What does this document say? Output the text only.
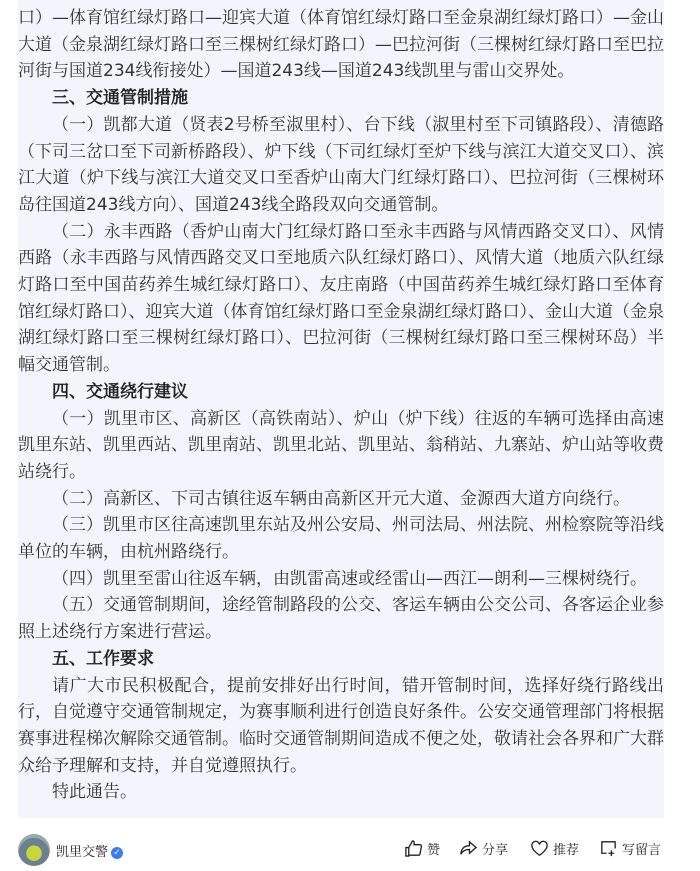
口）—体育馆红绿灯路口—迎宾大道（体育馆红绿灯路口至金泉湖红绿灯路口）—金山大道（金泉湖红绿灯路口至三棵树红绿灯路口）—巴拉河街（三棵树红绿灯路口至巴拉河街与国道234线衔接处）—国道243线—国道243线凯里与雷山交界处。

三、交通管制措施

（一）凯都大道（贤表2号桥至淑里村）、台下线（淑里村至下司镇路段）、清德路（下司三岔口至下司新桥路段）、炉下线（下司红绿灯至炉下线与滨江大道交叉口）、滨江大道（炉下线与滨江大道交叉口至香炉山南大门红绿灯路口）、巴拉河街（三棵树环岛往国道243线方向）、国道243线全路段双向交通管制。

（二）永丰西路（香炉山南大门红绿灯路口至永丰西路与风情西路交叉口）、风情西路（永丰西路与风情西路交叉口至地质六队红绿灯路口）、风情大道（地质六队红绿灯路口至中国苗药养生城红绿灯路口）、友庄南路（中国苗药养生城红绿灯路口至体育馆红绿灯路口）、迎宾大道（体育馆红绿灯路口至金泉湖红绿灯路口）、金山大道（金泉湖红绿灯路口至三棵树红绿灯路口）、巴拉河街（三棵树红绿灯路口至三棵树环岛）半幅交通管制。

四、交通绕行建议

（一）凯里市区、高新区（高铁南站）、炉山（炉下线）往返的车辆可选择由高速凯里东站、凯里西站、凯里南站、凯里北站、凯里站、翁稍站、九寨站、炉山站等收费站绕行。

（二）高新区、下司古镇往返车辆由高新区开元大道、金源西大道方向绕行。

（三）凯里市区往高速凯里东站及州公安局、州司法局、州法院、州检察院等沿线单位的车辆，由杭州路绕行。

（四）凯里至雷山往返车辆，由凯雷高速或经雷山—西江—朗利—三棵树绕行。

（五）交通管制期间，途经管制路段的公交、客运车辆由公交公司、各客运企业参照上述绕行方案进行营运。

五、工作要求

请广大市民积极配合，提前安排好出行时间，错开管制时间，选择好绕行路线出行，自觉遵守交通管制规定，为赛事顺利进行创造良好条件。公安交通管理部门将根据赛事进程梯次解除交通管制。临时交通管制期间造成不便之处，敬请社会各界和广大群众给予理解和支持，并自觉遵照执行。

特此通告。

凯里交警 ✓	赞	分享	推荐	写留言
